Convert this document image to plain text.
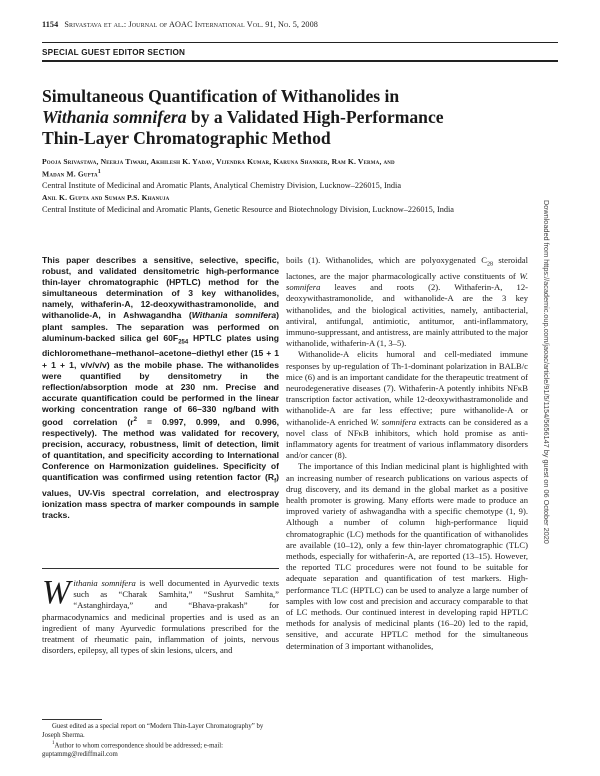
1154 Srivastava et al.: Journal of AOAC International Vol. 91, No. 5, 2008
SPECIAL GUEST EDITOR SECTION
Simultaneous Quantification of Withanolides in
Withania somnifera by a Validated High-Performance
Thin-Layer Chromatographic Method
Pooja Srivastava, Neerja Tiwari, Akhilesh K. Yadav, Vijendra Kumar, Karuna Shanker, Ram K. Verma, and
Madan M. Gupta$^1$
Central Institute of Medicinal and Aromatic Plants, Analytical Chemistry Division, Lucknow–226015, India
Anil K. Gupta and Suman P.S. Khanuja
Central Institute of Medicinal and Aromatic Plants, Genetic Resource and Biotechnology Division, Lucknow–226015, India

This paper describes a sensitive, selective, specific, robust, and validated densitometric high-performance thin-layer chromatographic (HPTLC) method for the simultaneous determination of 3 key withanolides, namely, withaferin-A, 12-deoxywithastramonolide, and withanolide-A, in Ashwagandha (Withania somnifera) plant samples. The separation was performed on aluminum-backed silica gel $60F_{254}$ HPTLC plates using dichloromethane–methanol–acetone–diethyl ether (15 + 1 + 1 + 1, v/v/v/v) as the mobile phase. The withanolides were quantified by densitometry in the reflection/absorption mode at 230 nm. Precise and accurate quantification could be performed in the linear working concentration range of 66–330 ng/band with good correlation ($r^2 = 0.997$, 0.999, and 0.996, respectively). The method was validated for recovery, precision, accuracy, robustness, limit of detection, limit of quantitation, and specificity according to International Conference on Harmonization guidelines. Specificity of quantification was confirmed using retention factor $(R_f)$ values, UV-Vis spectral correlation, and electrospray ionization mass spectra of marker compounds in sample tracks.

Withania somnifera is well documented in Ayurvedic texts such as “Charak Samhita,” “Sushrut Samhita,” “Astanghirdaya,” and “Bhava-prakash” for pharmacodynamics and medicinal properties and is used as an ingredient of many Ayurvedic formulations prescribed for the treatment of rheumatic pain, inflammation of joints, nervous disorders, epilepsy, all types of skin lesions, ulcers, and

Guest edited as a special report on “Modern Thin-Layer Chromatography” by Joseph Sherma.
$^1$Author to whom correspondence should be addressed; e-mail: guptammg@rediffmail.com

boils (1). Withanolides, which are polyoxygenated $C_{28}$ steroidal lactones, are the major pharmacologically active constituents of W. somnifera leaves and roots (2). Withaferin-A, 12-deoxywithastramonolide, and withanolide-A are the 3 key withanolides, and the biological activities, namely, antibacterial, antiviral, antifungal, antimiotic, antitumor, anti-inflammatory, immuno-suppressant, and antistress, are mainly attributed to the major withanolide, withaferin-A (1, 3–5).

Withanolide-A elicits humoral and cell-mediated immune responses by up-regulation of Th-1-dominant polarization in BALB/c mice (6) and is an important candidate for the therapeutic treatment of neurodegenerative diseases (7). Withaferin-A potently inhibits NFκB transcription factor activation, while 12-deoxywithastramonolide and withanolide-A are far less effective; pure withanolide-A or withanolide-A enriched W. somnifera extracts can be considered as a novel class of NFκB inhibitors, which hold promise as anti-inflammatory agents for treatment of various inflammatory disorders and/or cancer (8).

The importance of this Indian medicinal plant is highlighted with an increasing number of research publications on various aspects of drug discovery, and its demand in the global market as a positive health promoter is growing. Many efforts were made to produce an improved variety of ashwagandha with a specific chemotype (1, 9). Although a number of column high-performance liquid chromatographic (LC) methods for the quantification of withanolides are available (10–12), only a few thin-layer chromatographic (TLC) methods, especially for withaferin-A, are reported (13–15). However, the reported TLC procedures were not found to be suitable for adequate separation and quantification of test markers. High-performance TLC (HPTLC) can be used to analyze a large number of samples with low cost and precision and accuracy comparable to that of LC methods. Our continued interest in developing rapid HPTLC methods for analysis of medicinal plants (16–20) led to the rapid, sensitive, and accurate HPTLC method for the simultaneous determination of 3 important withanolides,

Downloaded from https://academic.oup.com/jaoac/article/91/5/1154/5656147 by guest on 06 October 2020
